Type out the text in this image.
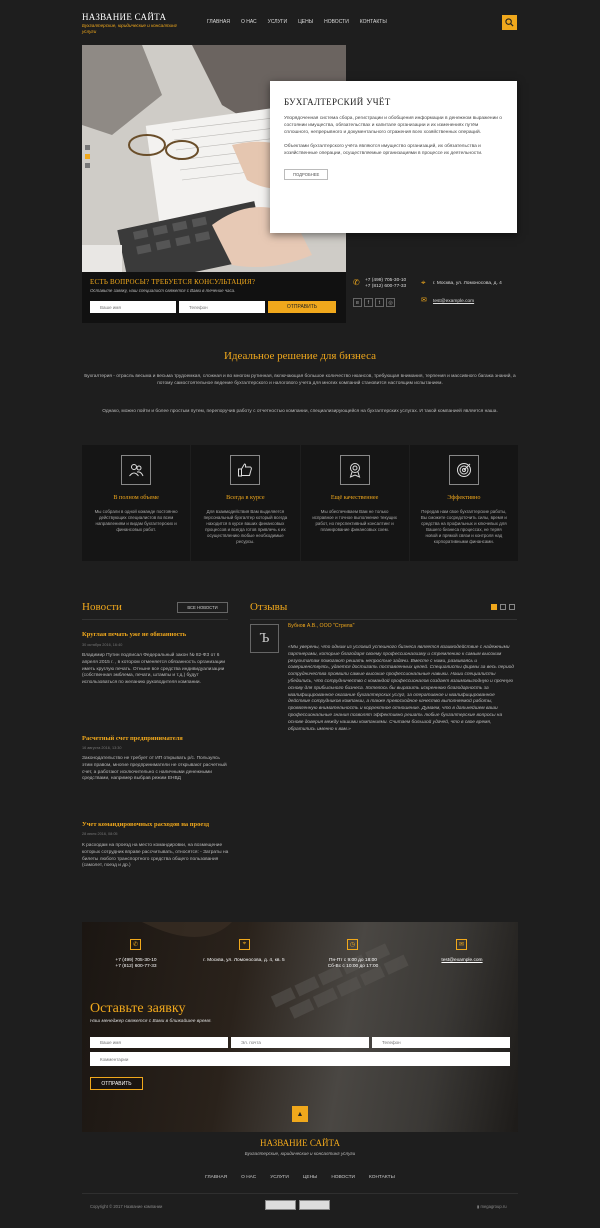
НАЗВАНИЕ САЙТА
Бухгалтерские, юридические и консалтинг услуги
ГЛАВНАЯ О НАС УСЛУГИ ЦЕНЫ НОВОСТИ КОНТАКТЫ
БУХГАЛТЕРСКИЙ УЧЁТ

Упорядоченная система сбора, регистрации и обобщения информации в денежном выражении о состоянии имущества, обязательствах и капитале организации и их изменениях путём сплошного, непрерывного и документального отражения всех хозяйственных операций.

Объектами бухгалтерского учёта являются имущество организаций, их обязательства и хозяйственные операции, осуществляемые организациями в процессе их деятельности.

ПОДРОБНЕЕ
ЕСТЬ ВОПРОСЫ? ТРЕБУЕТСЯ КОНСУЛЬТАЦИЯ?
Оставьте заявку, наш специалист свяжется с Вами в течение часа.
Ваше имя
Телефон
ОТПРАВИТЬ
✆ +7 (499) 705-30-10
+7 (812) 600-77-33 ⌖ г. Москва, ул. Ломоносова, д. 4
в	f	t	◎	✉ test@example.com
Идеальное решение для бизнеса
Бухгалтерия - отрасль весьма и весьма трудоемкая, сложная и во многом рутинная, включающая большое количество нюансов, требующая внимания, терпения и массивного багажа знаний, а потому самостоятельное ведение бухгалтерского и налогового учета для многих компаний становится настоящим испытанием.
Однако, можно пойти и более простым путем, перепоручив работу с отчетностью компании, специализирующейся на бухгалтерских услугах. И такой компанией является наша.
В полном объеме

Мы собрали в одной команде постоянно действующих специалистов во всем направлениям и видам бухгалтерских и финансовых работ.

Всегда в курсе

Для взаимодействия Вам выделяется персональный бухгалтер который всегда находится в курсе ваших финансовых процессов и всегда готов привлечь к их осуществлению любые необходимые ресурсы.

Ещё качественнее

Мы обеспечиваем Вам не только исправное и точное выполнение текущих работ, но перспективный консалтинг и планирование финансовых схем.

Эффективно

Передав нам свое бухгалтерские работы, Вы сможете сосредоточить силы, время и средства на профильных и ключевых для Вашего бизнеса процессах, не теряя новой и прямой связи и контроля над корпоративными финансами.

Новости	ВСЕ НОВОСТИ
Круглая печать уже не обязанность
30 октября 2016, 16:40
Владимир Путин подписал Федеральный закон № 82-ФЗ от 6 апреля 2015 г. , в котором отменяется обязанность организации иметь круглую печать. Отныне все средства индивидуализации (собственная эмблема, печати, штампы и т.д.) будут использоваться по желанию руководителя компании.
Расчетный счет предпринимателя
16 августа 2016, 13:30
Законодательство не требует от ИП открывать р/с. Пользуясь этим правом, многие предприниматели не открывают расчетный счет, а работают исключительно с наличными денежными средствами, например выбрав режим ЕНВД
Учет командировочных расходов на проезд
28 июля 2016, 08:05
К расходам на проезд на место командировки, на возмещение которых сотрудник вправе рассчитывать, относятся: - Затраты на билеты любого транспортного средства общего пользования (самолет, поезд и др.)
Отзывы
Ъ
Бубнов А.В., ООО "Стрела"
«Мы уверены, что одним из условий успешного бизнеса является взаимодействие с надежными партнерами, которые благодаря своему профессионализму и стремлению к самым высоким результатам помогают решать непростые задачи. Вместе с ними, развиваясь и совершенствуясь, удается достигать поставленных целей. Специалисты фирмы за весь период сотрудничества проявили самые высокие профессиональные навыки. Наши специалисты убедились, что сотрудничество с командой профессионалов создает взаимовыгодную и прочную основу для прибыльного бизнеса. Хотелось бы выразить искреннюю благодарность за квалифицированное оказание бухгалтерских услуг, за оперативное и квалифицированное действие сотрудников компании, а также превосходное качество выполняемой работы, проявленную внимательность и корректное отношение. Думаем, что в дальнейшем ваши профессиональные знания позволят эффективно решать любые бухгалтерские вопросы на основе доверия между нашими компаниями. Считаем большой удачей, что в свое время, обратились именно к вам.»
✆
+7 (499) 705-30-10
+7 (812) 600-77-33
⌖
г. Москва, ул. Ломоносова, д. 4, кв. 5
◷
Пн-Пт с 9:00 до 18:00
Сб-Вс с 10:00 до 17:00
✉
test@example.com
Оставьте заявку
Наш менеджер свяжется с Вами в ближайшее время.
Ваше имя
Эл. почта
Телефон
Комментарии
ОТПРАВИТЬ
▲
НАЗВАНИЕ САЙТА
Бухгалтерские, юридические и консалтинг услуги
ГЛАВНАЯ	О НАС	УСЛУГИ	ЦЕНЫ	НОВОСТИ	КОНТАКТЫ
Copyright © 2017 Название компании	▮ megagroup.ru
